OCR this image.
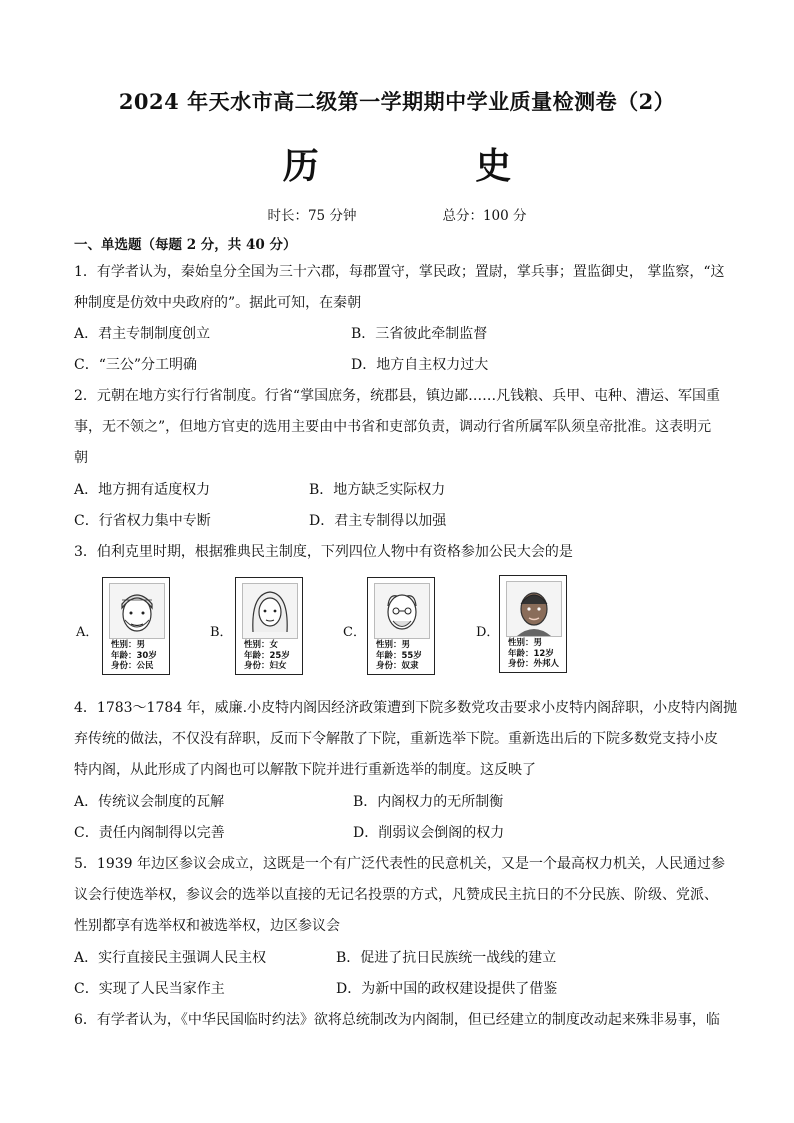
2024 年天水市高二级第一学期期中学业质量检测卷（2）
历 史
时长：75 分钟	总分：100 分
一、单选题（每题 2 分，共 40 分）
1．有学者认为，秦始皇分全国为三十六郡，每郡置守，掌民政；置尉，掌兵事；置监御史， 掌监察，“这
种制度是仿效中央政府的”。据此可知，在秦朝
A．君主专制制度创立	B．三省彼此牵制监督
C．“三公”分工明确	D．地方自主权力过大
2．元朝在地方实行行省制度。行省“掌国庶务，统郡县，镇边鄙……凡钱粮、兵甲、屯种、漕运、军国重
事，无不领之”，但地方官吏的选用主要由中书省和吏部负责，调动行省所属军队须皇帝批准。这表明元
朝
A．地方拥有适度权力	B．地方缺乏实际权力
C．行省权力集中专断	D．君主专制得以加强
3．伯利克里时期，根据雅典民主制度，下列四位人物中有资格参加公民大会的是
A．
性别：男
年龄：30岁
身份：公民
B．
性别：女
年龄：25岁
身份：妇女
C．
性别：男
年龄：55岁
身份：奴隶
D．
性别：男
年龄：12岁
身份：外邦人
4．1783～1784 年，威廉.小皮特内阁因经济政策遭到下院多数党攻击要求小皮特内阁辞职，小皮特内阁抛
弃传统的做法，不仅没有辞职，反而下令解散了下院，重新选举下院。重新选出后的下院多数党支持小皮
特内阁，从此形成了内阁也可以解散下院并进行重新选举的制度。这反映了
A．传统议会制度的瓦解	B．内阁权力的无所制衡
C．责任内阁制得以完善	D．削弱议会倒阁的权力
5．1939 年边区参议会成立，这既是一个有广泛代表性的民意机关，又是一个最高权力机关，人民通过参
议会行使选举权，参议会的选举以直接的无记名投票的方式，凡赞成民主抗日的不分民族、阶级、党派、
性别都享有选举权和被选举权，边区参议会
A．实行直接民主强调人民主权	B．促进了抗日民族统一战线的建立
C．实现了人民当家作主	D．为新中国的政权建设提供了借鉴
6．有学者认为，《中华民国临时约法》欲将总统制改为内阁制，但已经建立的制度改动起来殊非易事，临
